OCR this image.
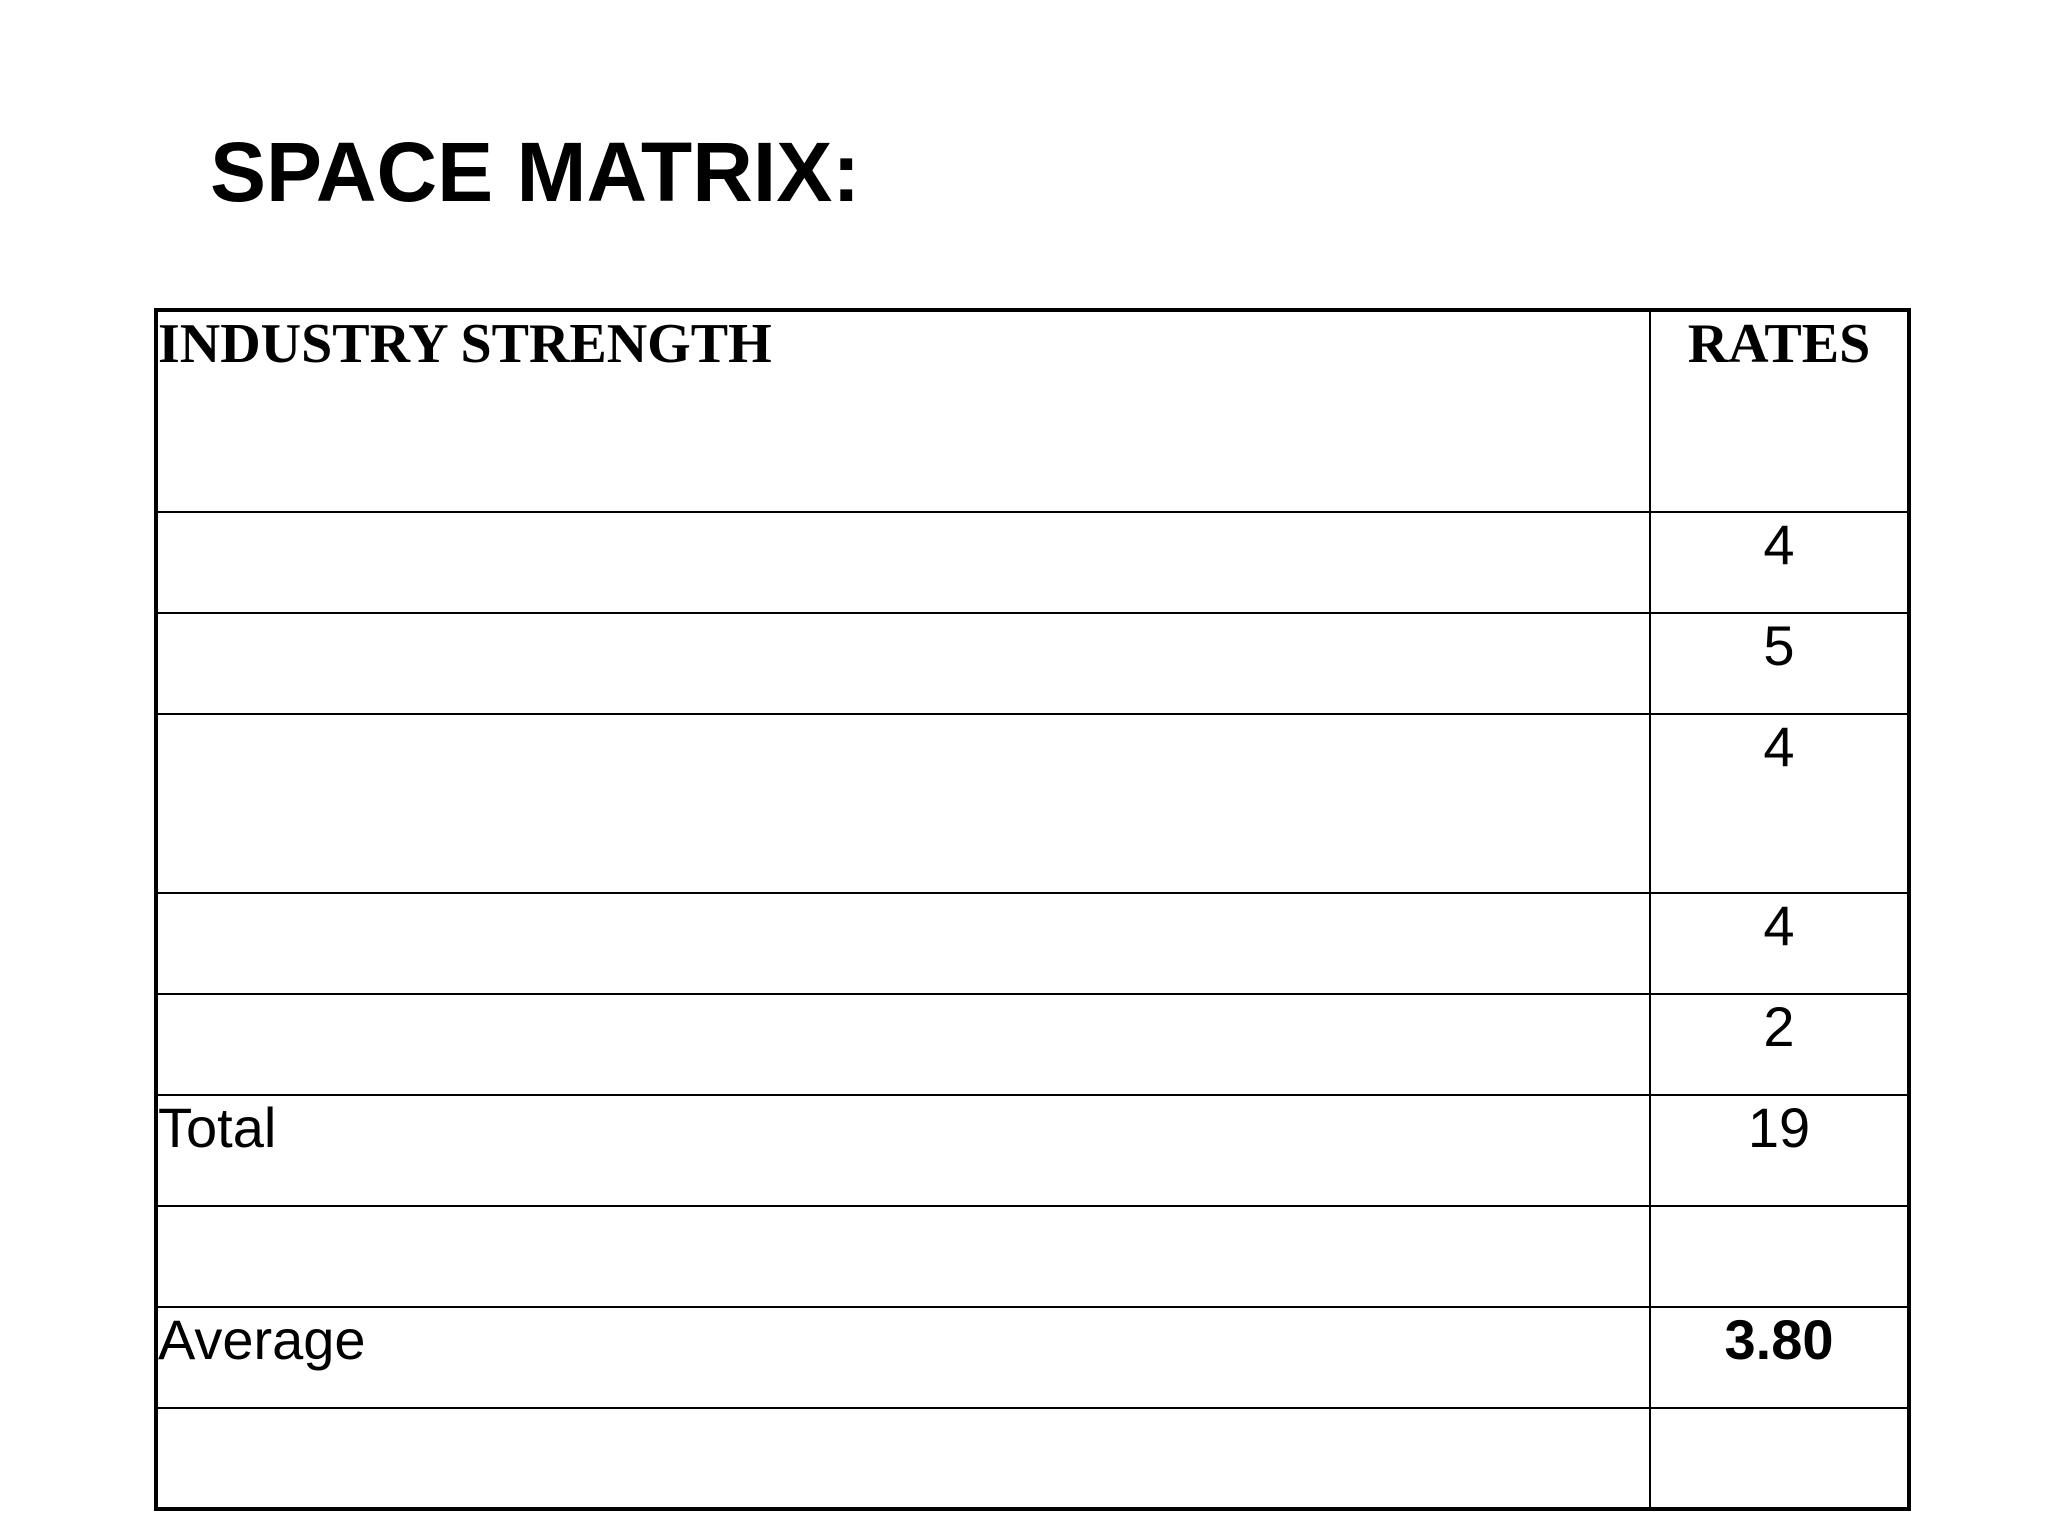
SPACE MATRIX:
INDUSTRY STRENGTH	RATES
	4
	5
	4
	4
	2
Total	19

Average	3.80
